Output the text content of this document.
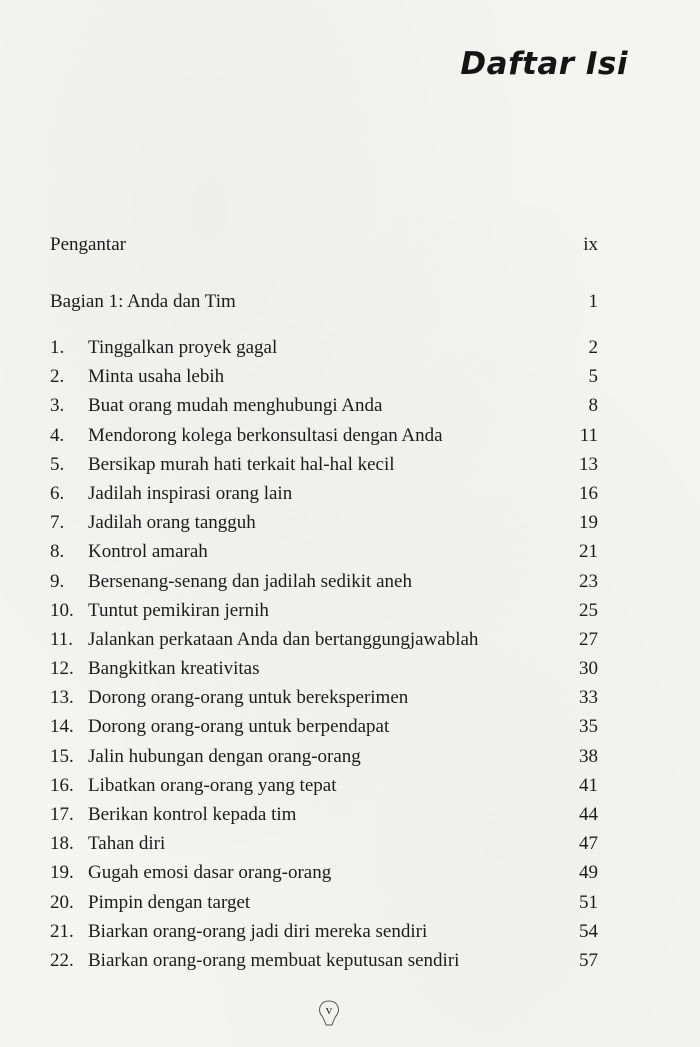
Daftar Isi
Pengantar	ix
Bagian 1: Anda dan Tim	1
1.	Tinggalkan proyek gagal	2
2.	Minta usaha lebih	5
3.	Buat orang mudah menghubungi Anda	8
4.	Mendorong kolega berkonsultasi dengan Anda	11
5.	Bersikap murah hati terkait hal-hal kecil	13
6.	Jadilah inspirasi orang lain	16
7.	Jadilah orang tangguh	19
8.	Kontrol amarah	21
9.	Bersenang-senang dan jadilah sedikit aneh	23
10. Tuntut pemikiran jernih	25
11. Jalankan perkataan Anda dan bertanggungjawablah	27
12. Bangkitkan kreativitas	30
13. Dorong orang-orang untuk bereksperimen	33
14. Dorong orang-orang untuk berpendapat	35
15. Jalin hubungan dengan orang-orang	38
16. Libatkan orang-orang yang tepat	41
17. Berikan kontrol kepada tim	44
18. Tahan diri	47
19. Gugah emosi dasar orang-orang	49
20. Pimpin dengan target	51
21. Biarkan orang-orang jadi diri mereka sendiri	54
22. Biarkan orang-orang membuat keputusan sendiri	57
v
